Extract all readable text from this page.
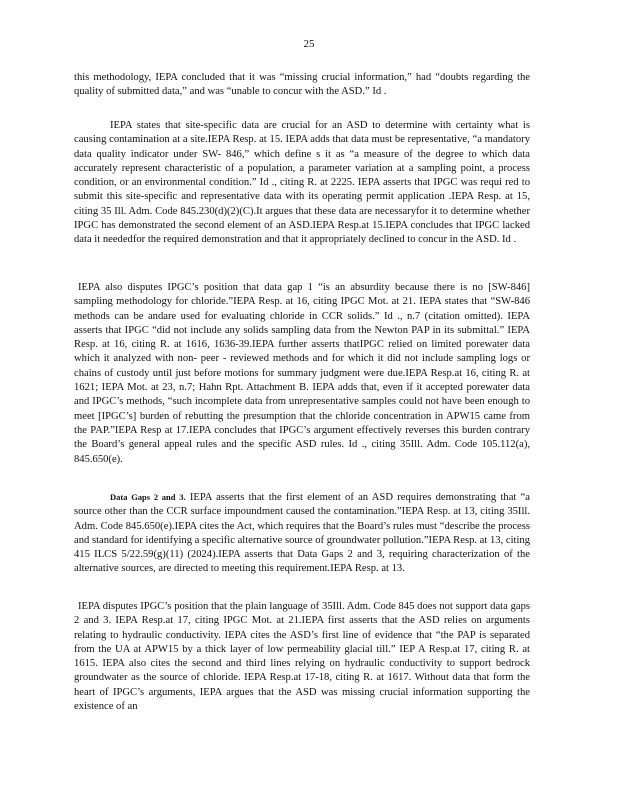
25

this methodology, IEPA concluded that it was “missing crucial information,” had “doubts regarding the quality of submitted data,” and was “unable to concur with the ASD.” Id .

IEPA states that site-specific data are crucial for an ASD to determine with certainty what is causing contamination at a site.IEPA Resp. at 15. IEPA adds that data must be representative, “a mandatory data quality indicator under SW- 846,” which define s it as “a measure of the degree to which data accurately represent characteristic of a population, a parameter variation at a sampling point, a process condition, or an environmental condition.” Id ., citing R. at 2225. IEPA asserts that IPGC was requi red to submit this site-specific and representative data with its operating permit application .IEPA Resp. at 15, citing 35 Ill. Adm. Code 845.230(d)(2)(C).It argues that these data are necessaryfor it to determine whether IPGC has demonstrated the second element of an ASD.IEPA Resp.at 15.IEPA concludes that IPGC lacked data it neededfor the required demonstration and that it appropriately declined to concur in the ASD. Id .

IEPA also disputes IPGC’s position that data gap 1 “is an absurdity because there is no [SW-846] sampling methodology for chloride.”IEPA Resp. at 16, citing IPGC Mot. at 21. IEPA states that “SW-846 methods can be andare used for evaluating chloride in CCR solids.” Id ., n.7 (citation omitted). IEPA asserts that IPGC “did not include any solids sampling data from the Newton PAP in its submittal.” IEPA Resp. at 16, citing R. at 1616, 1636-39.IEPA further asserts thatIPGC relied on limited porewater data which it analyzed with non- peer - reviewed methods and for which it did not include sampling logs or chains of custody until just before motions for summary judgment were due.IEPA Resp.at 16, citing R. at 1621; IEPA Mot. at 23, n.7; Hahn Rpt. Attachment B. IEPA adds that, even if it accepted porewater data and IPGC’s methods, “such incomplete data from unrepresentative samples could not have been enough to meet [IPGC’s] burden of rebutting the presumption that the chloride concentration in APW15 came from the PAP.”IEPA Resp at 17.IEPA concludes that IPGC’s argument effectively reverses this burden contrary the Board’s general appeal rules and the specific ASD rules. Id ., citing 35Ill. Adm. Code 105.112(a), 845.650(e).

Data Gaps 2 and 3. IEPA asserts that the first element of an ASD requires demonstrating that “a source other than the CCR surface impoundment caused the contamination.”IEPA Resp. at 13, citing 35Ill. Adm. Code 845.650(e).IEPA cites the Act, which requires that the Board’s rules must “describe the process and standard for identifying a specific alternative source of groundwater pollution.”IEPA Resp. at 13, citing 415 ILCS 5/22.59(g)(11) (2024).IEPA asserts that Data Gaps 2 and 3, requiring characterization of the alternative sources, are directed to meeting this requirement.IEPA Resp. at 13.

IEPA disputes IPGC’s position that the plain language of 35Ill. Adm. Code 845 does not support data gaps 2 and 3. IEPA Resp.at 17, citing IPGC Mot. at 21.IEPA first asserts that the ASD relies on arguments relating to hydraulic conductivity. IEPA cites the ASD’s first line of evidence that “the PAP is separated from the UA at APW15 by a thick layer of low permeability glacial till.” IEP A Resp.at 17, citing R. at 1615. IEPA also cites the second and third lines relying on hydraulic conductivity to support bedrock groundwater as the source of chloride. IEPA Resp.at 17-18, citing R. at 1617. Without data that form the heart of IPGC’s arguments, IEPA argues that the ASD was missing crucial information supporting the existence of an
